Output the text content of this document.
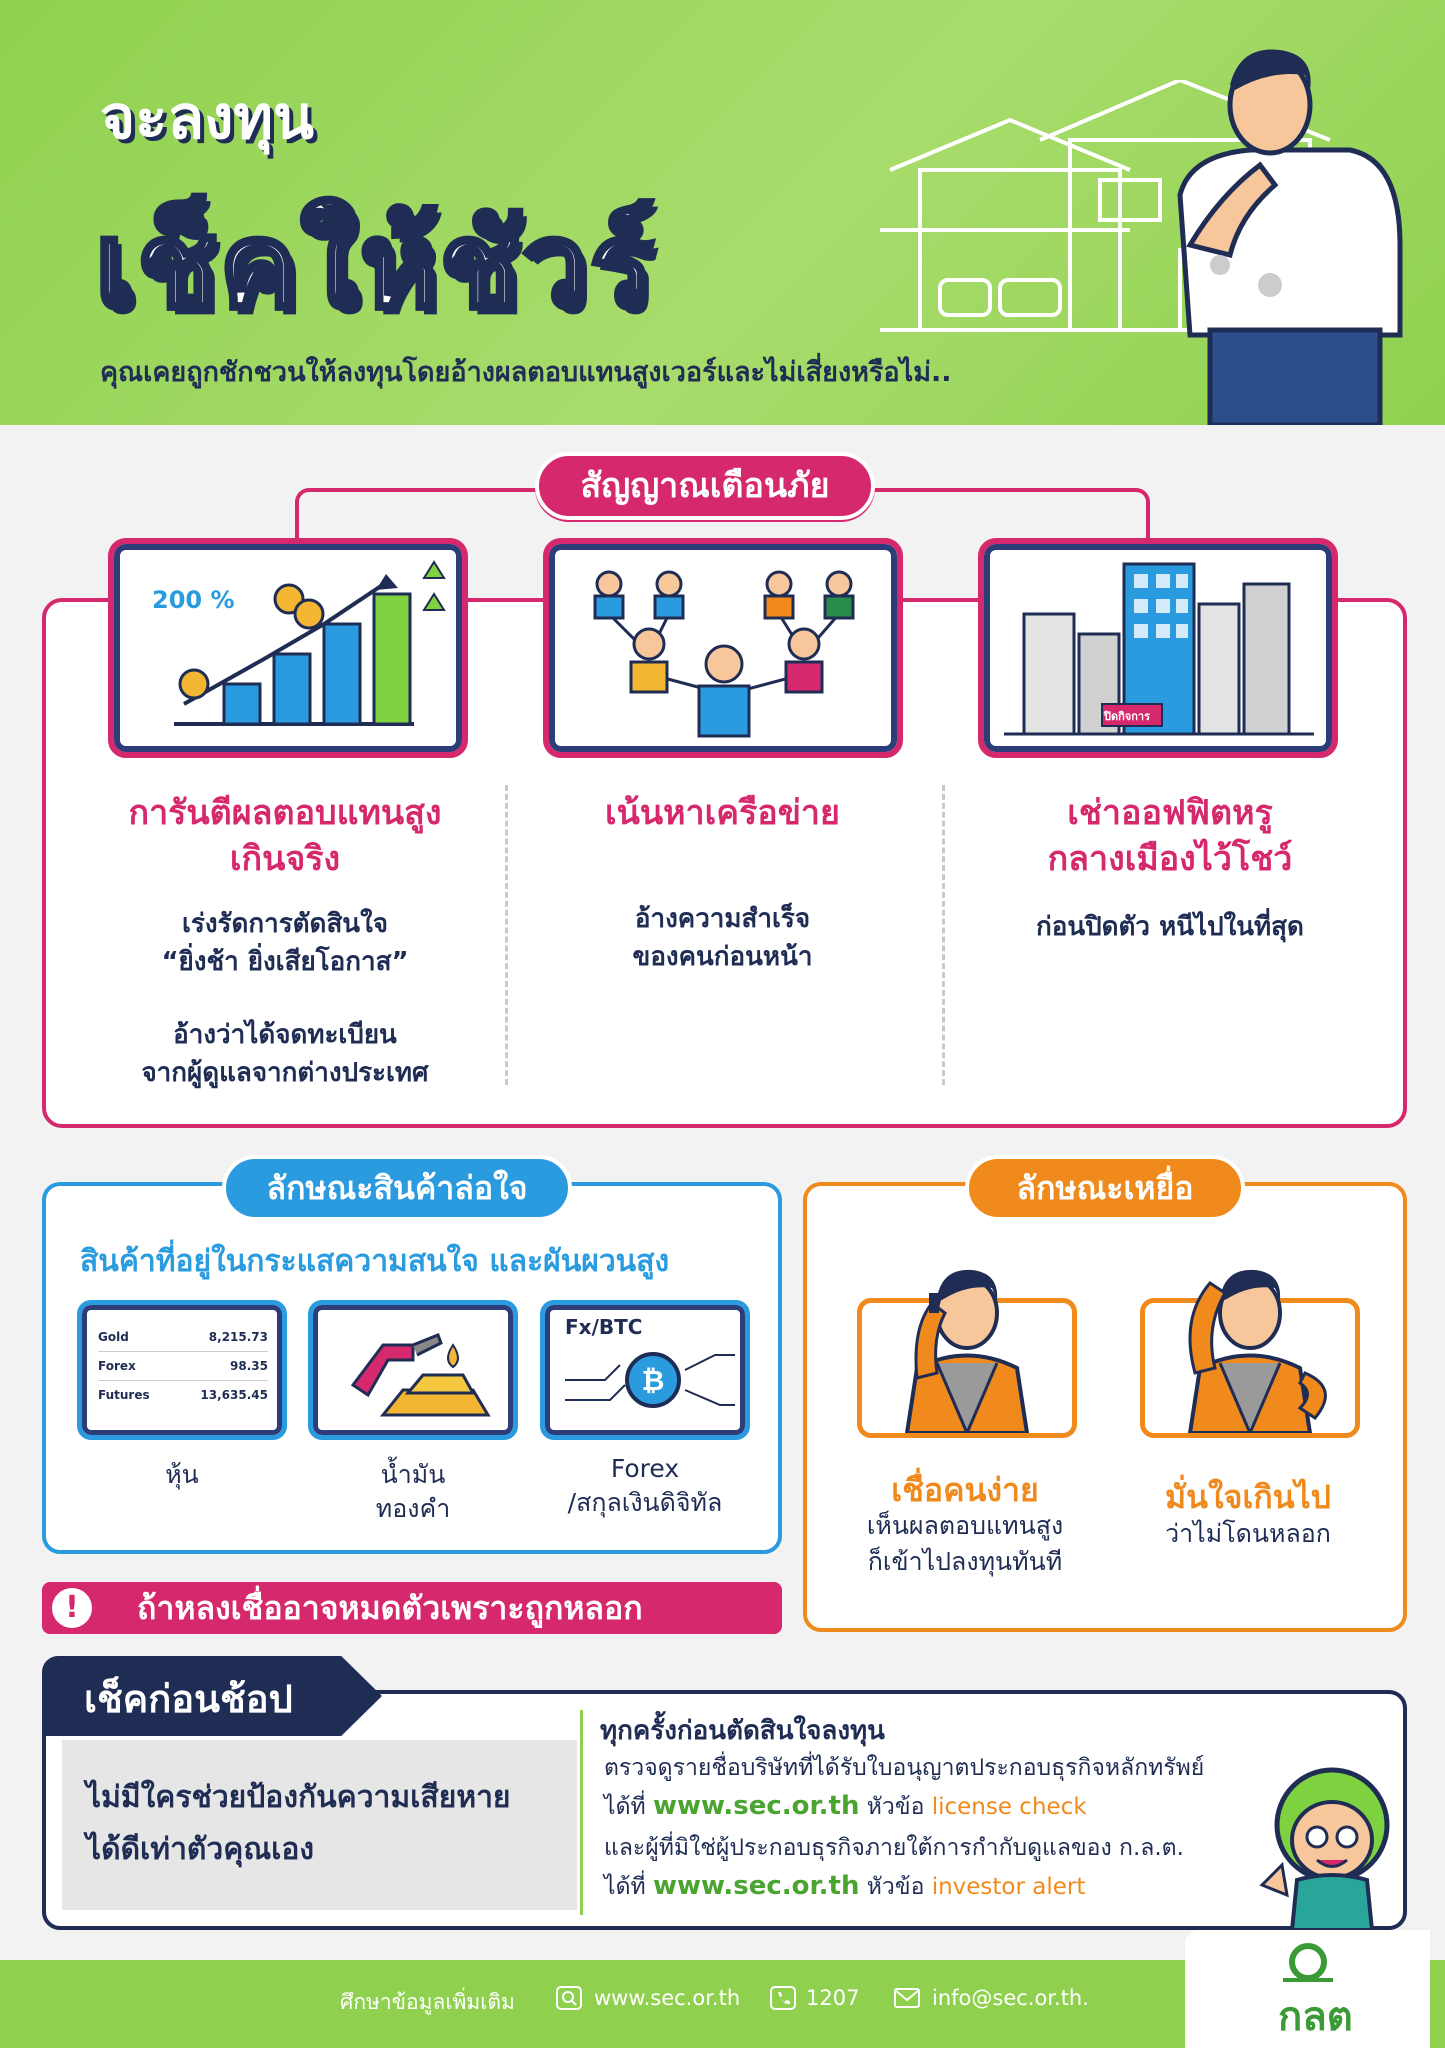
จะลงทุน
เช็คให้ชัวร์
คุณเคยถูกชักชวนให้ลงทุนโดยอ้างผลตอบแทนสูงเวอร์และไม่เสี่ยงหรือไม่..
สัญญาณเตือนภัย
200 %
ปิดกิจการ
การันตีผลตอบแทนสูง
เกินจริง
เร่งรัดการตัดสินใจ
“ยิ่งช้า ยิ่งเสียโอกาส”
อ้างว่าได้จดทะเบียน
จากผู้ดูแลจากต่างประเทศ
เน้นหาเครือข่าย
อ้างความสำเร็จ
ของคนก่อนหน้า
เช่าออฟฟิตหรู
กลางเมืองไว้โชว์
ก่อนปิดตัว หนีไปในที่สุด
ลักษณะสินค้าล่อใจ
สินค้าที่อยู่ในกระแสความสนใจ และผันผวนสูง
Gold	8,215.73
Forex	98.35
Futures	13,635.45
Fx/BTC
₿
หุ้น	น้ำมัน
ทองคำ
Forex
/สกุลเงินดิจิทัล
ลักษณะเหยื่อ
เชื่อคนง่าย
เห็นผลตอบแทนสูง
ก็เข้าไปลงทุนทันที
มั่นใจเกินไป
ว่าไม่โดนหลอก
!	ถ้าหลงเชื่ออาจหมดตัวเพราะถูกหลอก
เช็คก่อนช้อป
ไม่มีใครช่วยป้องกันความเสียหาย
ได้ดีเท่าตัวคุณเอง
ทุกครั้งก่อนตัดสินใจลงทุน
ตรวจดูรายชื่อบริษัทที่ได้รับใบอนุญาตประกอบธุรกิจหลักทรัพย์
ได้ที่ www.sec.or.th หัวข้อ license check
และผู้ที่มิใช่ผู้ประกอบธุรกิจภายใต้การกำกับดูแลของ ก.ล.ต.
ได้ที่ www.sec.or.th หัวข้อ investor alert
ศึกษาข้อมูลเพิ่มเติม	www.sec.or.th	1207	info@sec.or.th.	กลต
